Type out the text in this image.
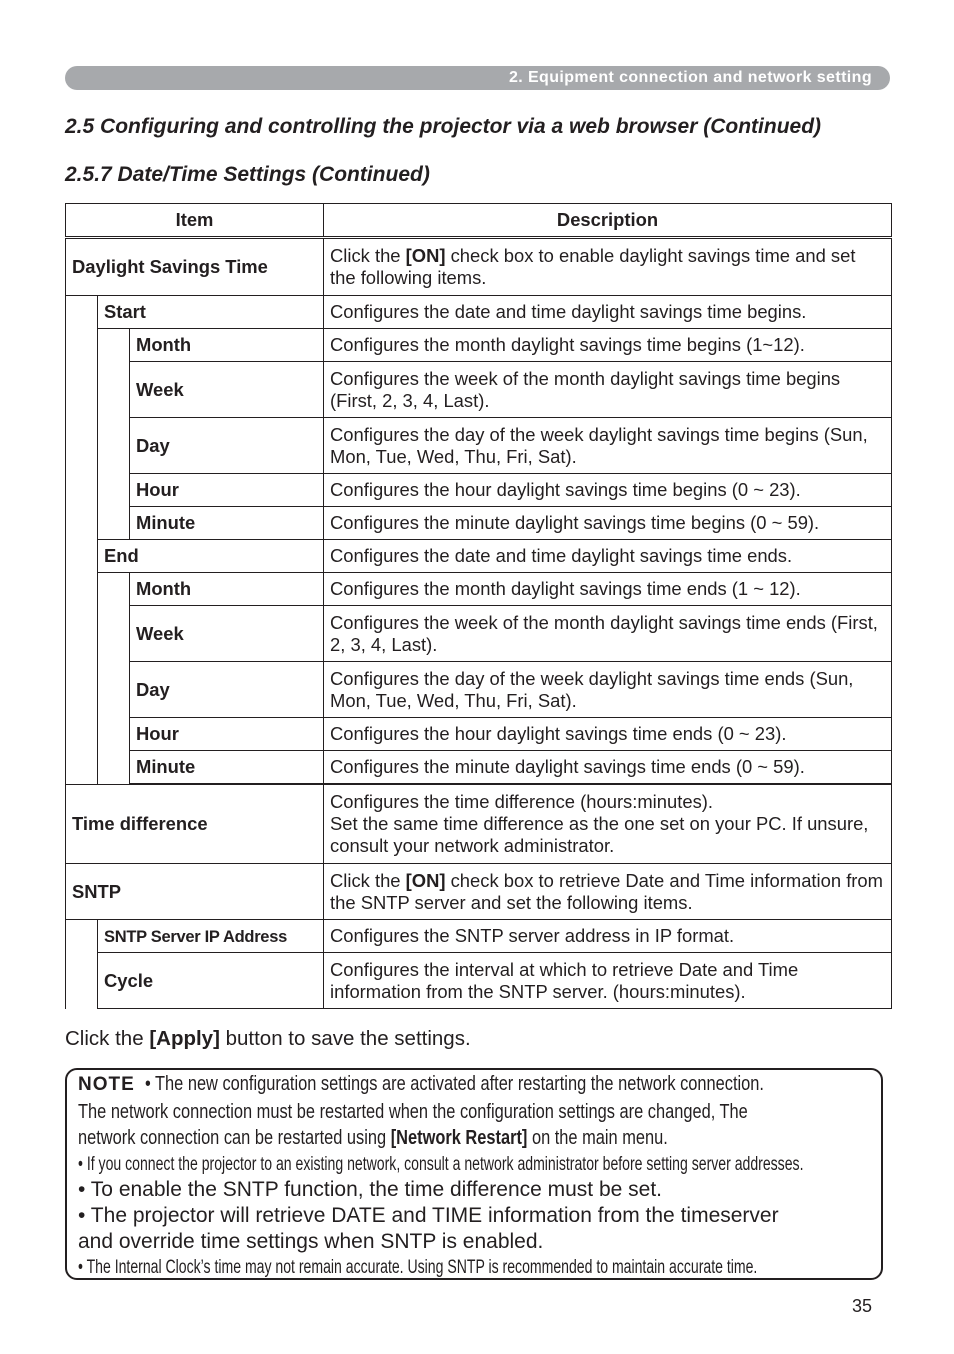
2. Equipment connection and network setting
2.5 Configuring and controlling the projector via a web browser (Continued)
2.5.7 Date/Time Settings (Continued)
Item			Description
Daylight Savings Time			Click the [ON] check box to enable daylight savings time and set the following items.
	Start		Configures the date and time daylight savings time begins.
		Month	Configures the month daylight savings time begins (1~12).
		Week	Configures the week of the month daylight savings time begins (First, 2, 3, 4, Last).
		Day	Configures the day of the week daylight savings time begins (Sun, Mon, Tue, Wed, Thu, Fri, Sat).
		Hour	Configures the hour daylight savings time begins (0 ~ 23).
		Minute	Configures the minute daylight savings time begins (0 ~ 59).
	End		Configures the date and time daylight savings time ends.
		Month	Configures the month daylight savings time ends (1 ~ 12).
		Week	Configures the week of the month daylight savings time ends (First, 2, 3, 4, Last).
		Day	Configures the day of the week daylight savings time ends (Sun, Mon, Tue, Wed, Thu, Fri, Sat).
		Hour	Configures the hour daylight savings time ends (0 ~ 23).
		Minute	Configures the minute daylight savings time ends (0 ~ 59).
Time difference		Configures the time difference (hours:minutes).
Set the same time difference as the one set on your PC. If unsure, consult your network administrator.

SNTP		Click the [ON] check box to retrieve Date and Time information from the SNTP server and set the following items.
	SNTP Server IP Address	Configures the SNTP server address in IP format.
	Cycle	Configures the interval at which to retrieve Date and Time information from the SNTP server. (hours:minutes).
Click the [Apply] button to save the settings.
NOTE • The new configuration settings are activated after restarting the network connection.
The network connection must be restarted when the configuration settings are changed, The
network connection can be restarted using [Network Restart] on the main menu.
• If you connect the projector to an existing network, consult a network administrator before setting server addresses.
• To enable the SNTP function, the time difference must be set.
• The projector will retrieve DATE and TIME information from the timeserver
and override time settings when SNTP is enabled.
• The Internal Clock’s time may not remain accurate. Using SNTP is recommended to maintain accurate time.
35
